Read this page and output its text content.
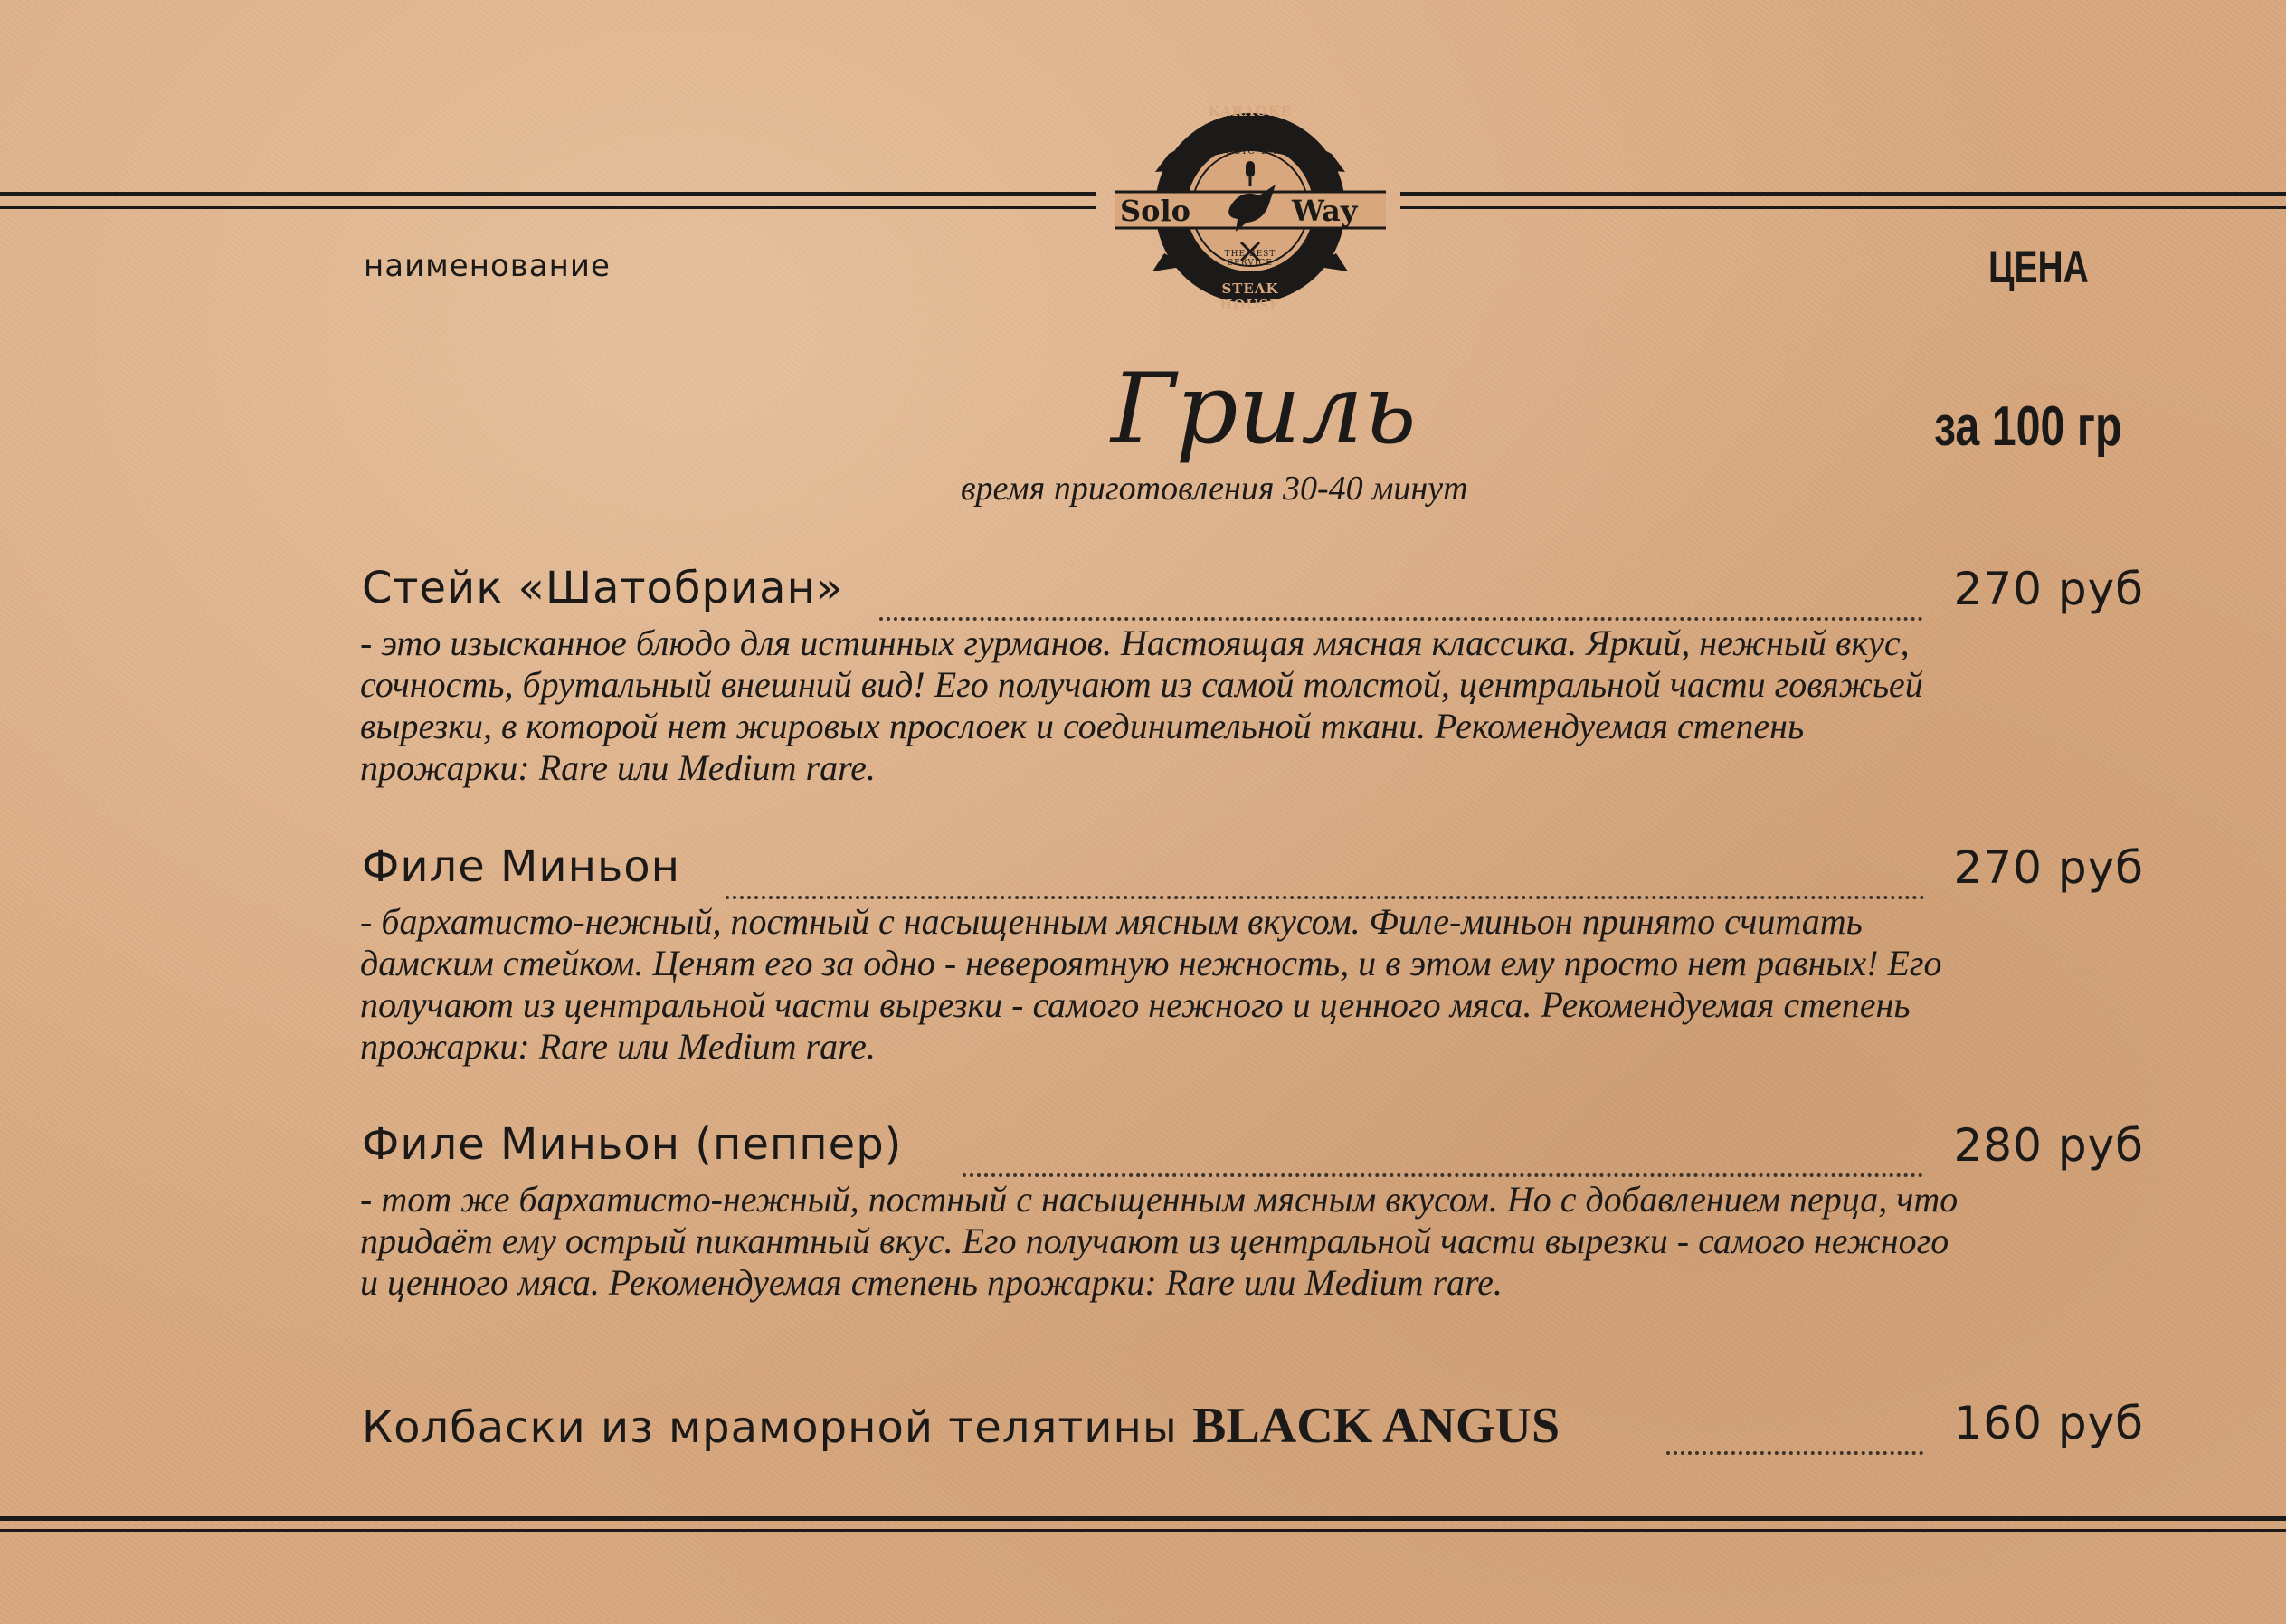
KARAOKE
MUSIC BAR
Solo	Way
THE BEST SERVICE
STEAK HOUSE
наименование	ЦЕНА
Гриль	за 100 гр
время приготовления 30-40 минут
Стейк «Шатобриан»	270 руб
- это изысканное блюдо для истинных гурманов. Настоящая мясная классика. Яркий, нежный вкус, сочность, брутальный внешний вид! Его получают из самой толстой, центральной части говяжьей вырезки, в которой нет жировых прослоек и соединительной ткани. Рекомендуемая степень прожарки: Rare или Medium rare.
Филе Миньон	270 руб
- бархатисто-нежный, постный с насыщенным мясным вкусом. Филе-миньон принято считать дамским стейком. Ценят его за одно - невероятную нежность, и в этом ему просто нет равных! Его получают из центральной части вырезки - самого нежного и ценного мяса. Рекомендуемая степень прожарки: Rare или Medium rare.
Филе Миньон (пеппер)	280 руб
- тот же бархатисто-нежный, постный с насыщенным мясным вкусом. Но с добавлением перца, что придаёт ему острый пикантный вкус. Его получают из центральной части вырезки - самого нежного и ценного мяса. Рекомендуемая степень прожарки: Rare или Medium rare.
Колбаски из мраморной телятины BLACK ANGUS	160 руб
